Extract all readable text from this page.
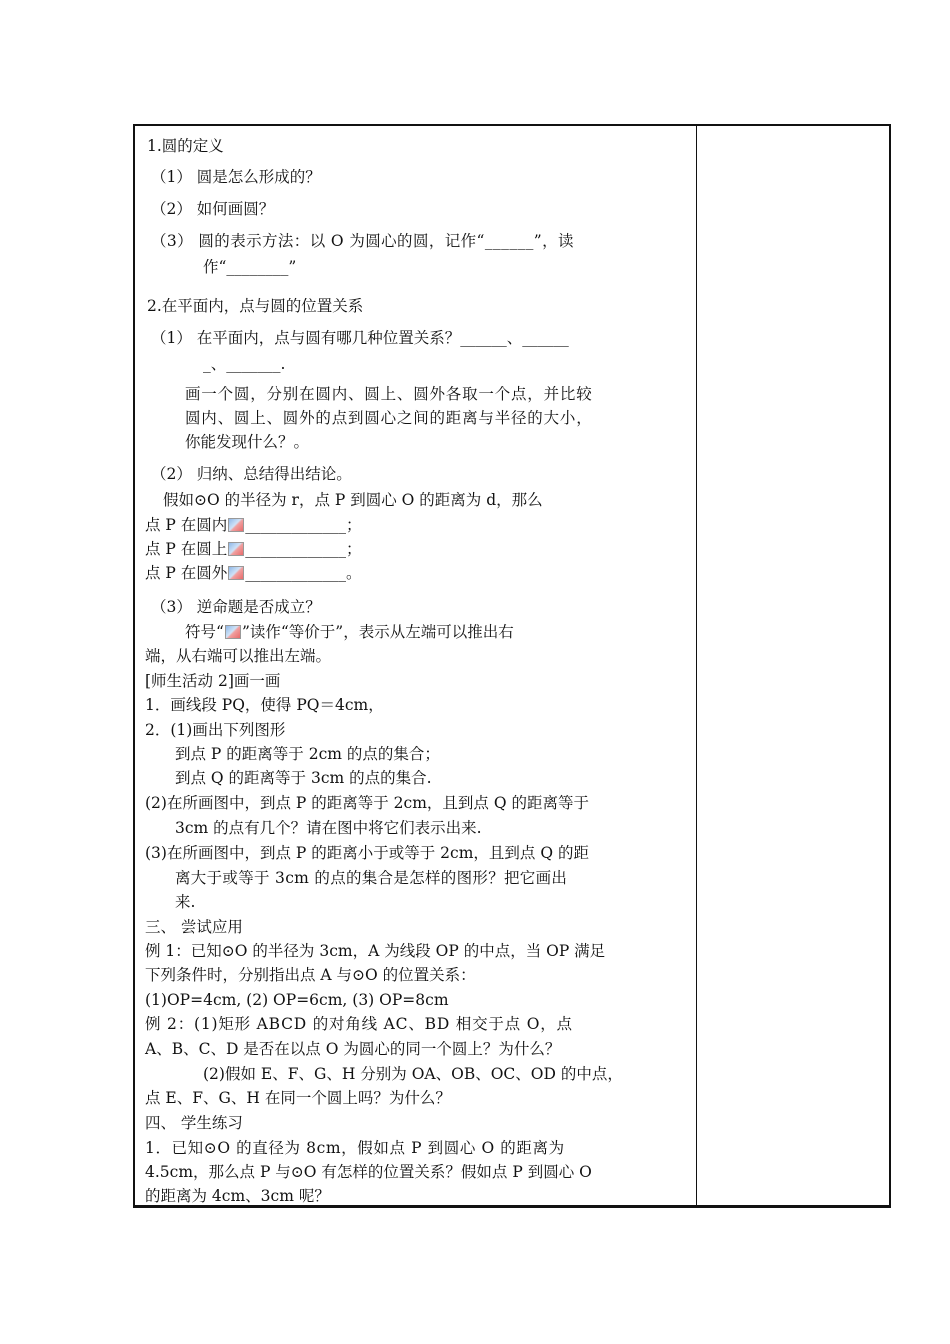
1.圆的定义
（1） 圆是怎么形成的？
（2） 如何画圆？
（3） 圆的表示方法：以 O 为圆心的圆，记作“______”，读
作“________”
2.在平面内，点与圆的位置关系
（1） 在平面内，点与圆有哪几种位置关系？______、______
_、_______.
画一个圆，分别在圆内、圆上、圆外各取一个点，并比较
圆内、圆上、圆外的点到圆心之间的距离与半径的大小，
你能发现什么？。
（2） 归纳、总结得出结论。
假如⊙O 的半径为 r，点 P 到圆心 O 的距离为 d，那么
点 P 在圆内 _____________；
点 P 在圆上 _____________；
点 P 在圆外 _____________。
（3） 逆命题是否成立？
符号“ ”读作“等价于”，表示从左端可以推出右
端，从右端可以推出左端。
[师生活动 2]画一画
1．画线段 PQ，使得 PQ＝4cm，
2．(1)画出下列图形
到点 P 的距离等于 2cm 的点的集合；
到点 Q 的距离等于 3cm 的点的集合.
(2)在所画图中，到点 P 的距离等于 2cm，且到点 Q 的距离等于
3cm 的点有几个？请在图中将它们表示出来.
(3)在所画图中，到点 P 的距离小于或等于 2cm，且到点 Q 的距
离大于或等于 3cm 的点的集合是怎样的图形？把它画出
来.
三、 尝试应用
例 1：已知⊙O 的半径为 3cm，A 为线段 OP 的中点，当 OP 满足
下列条件时，分别指出点 A 与⊙O 的位置关系：
(1)OP=4cm, (2) OP=6cm, (3) OP=8cm
例 2：(1)矩形 ABCD 的对角线 AC、BD 相交于点 O，点
A、B、C、D 是否在以点 O 为圆心的同一个圆上？为什么？
(2)假如 E、F、G、H 分别为 OA、OB、OC、OD 的中点，
点 E、F、G、H 在同一个圆上吗？为什么？
四、 学生练习
1．已知⊙O 的直径为 8cm，假如点 P 到圆心 O 的距离为
4.5cm，那么点 P 与⊙O 有怎样的位置关系？假如点 P 到圆心 O
的距离为 4cm、3cm 呢？
